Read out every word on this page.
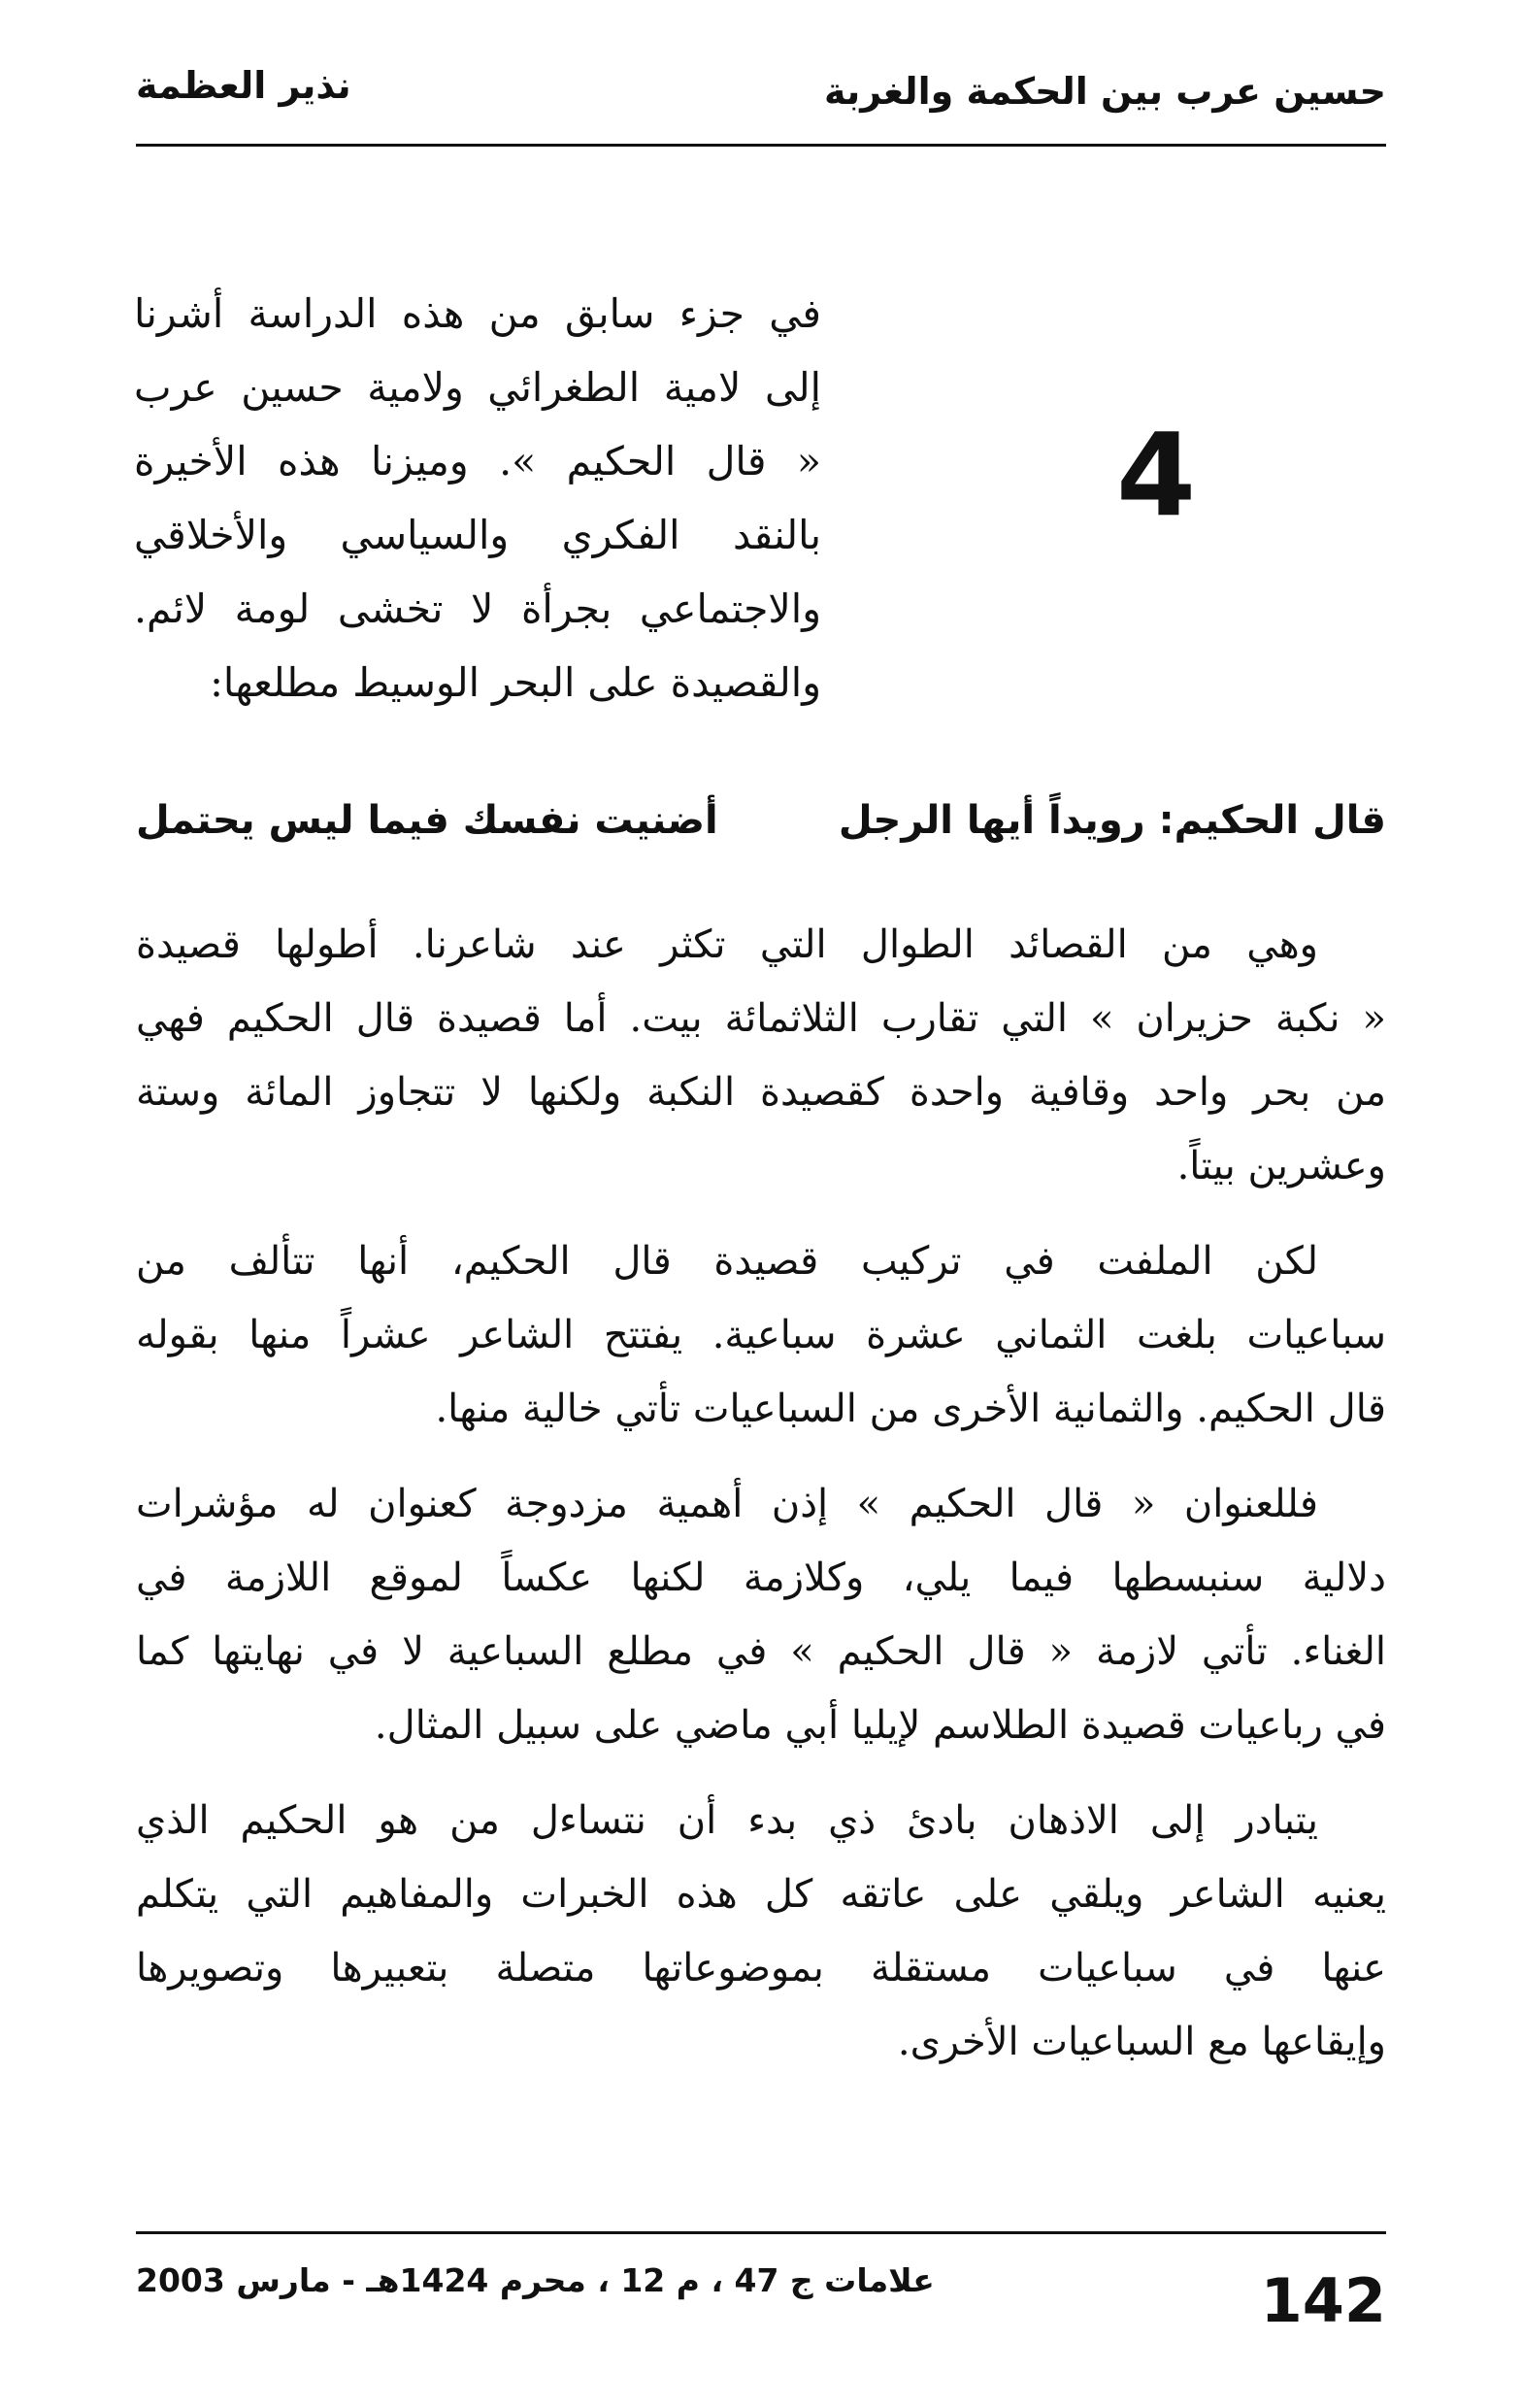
حسين عرب بين الحكمة والغربة
نذير العظمة
4
في جزء سابق من هذه الدراسة أشرنا
إلى لامية الطغرائي ولامية حسين عرب
« قال الحكيم ». وميزنا هذه الأخيرة
بالنقد الفكري والسياسي والأخلاقي
والاجتماعي بجرأة لا تخشى لومة لائم.
والقصيدة على البحر الوسيط مطلعها:
قال الحكيم: رويداً أيها الرجل
أضنيت نفسك فيما ليس يحتمل

وهي من القصائد الطوال التي تكثر عند شاعرنا. أطولها قصيدة
« نكبة حزيران » التي تقارب الثلاثمائة بيت. أما قصيدة قال الحكيم فهي
من بحر واحد وقافية واحدة كقصيدة النكبة ولكنها لا تتجاوز المائة وستة
وعشرين بيتاً.

لكن الملفت في تركيب قصيدة قال الحكيم، أنها تتألف من
سباعيات بلغت الثماني عشرة سباعية. يفتتح الشاعر عشراً منها بقوله
قال الحكيم. والثمانية الأخرى من السباعيات تأتي خالية منها.

فللعنوان « قال الحكيم » إذن أهمية مزدوجة كعنوان له مؤشرات
دلالية سنبسطها فيما يلي، وكلازمة لكنها عكساً لموقع اللازمة في
الغناء. تأتي لازمة « قال الحكيم » في مطلع السباعية لا في نهايتها كما
في رباعيات قصيدة الطلاسم لإيليا أبي ماضي على سبيل المثال.

يتبادر إلى الاذهان بادئ ذي بدء أن نتساءل من هو الحكيم الذي
يعنيه الشاعر ويلقي على عاتقه كل هذه الخبرات والمفاهيم التي يتكلم
عنها في سباعيات مستقلة بموضوعاتها متصلة بتعبيرها وتصويرها
وإيقاعها مع السباعيات الأخرى.

142
علامات ج 47 ، م 12 ، محرم 1424هـ - مارس 2003
